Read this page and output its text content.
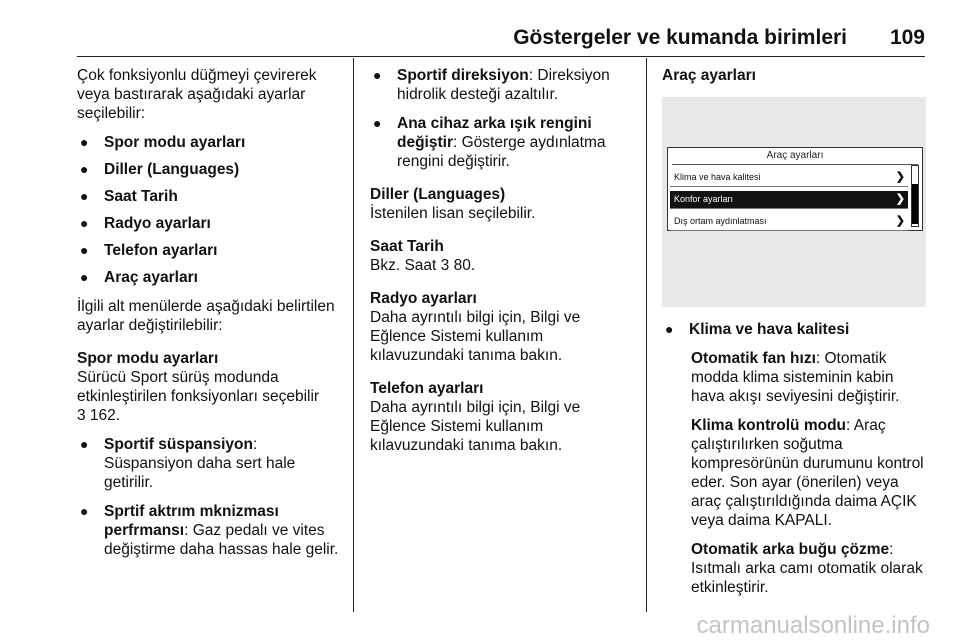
Göstergeler ve kumanda birimleri 109

Çok fonksiyonlu düğmeyi çevirerek veya bastırarak aşağıdaki ayarlar seçilebilir:

● Spor modu ayarları

● Diller (Languages)

● Saat Tarih

● Radyo ayarları

● Telefon ayarları

● Araç ayarları

İlgili alt menülerde aşağıdaki belirtilen ayarlar değiştirilebilir:

Spor modu ayarları

Sürücü Sport sürüş modunda etkinleştirilen fonksiyonları seçebilir

3 162.

● Sportif süspansiyon: Süspansiyon daha sert hale getirilir.

● Sprtif aktrım mknizması perfrmansı: Gaz pedalı ve vites değiştirme daha hassas hale gelir.

● Sportif direksiyon: Direksiyon hidrolik desteği azaltılır.

● Ana cihaz arka ışık rengini değiştir: Gösterge aydınlatma rengini değiştirir.

Diller (Languages)

İstenilen lisan seçilebilir.

Saat Tarih

Bkz. Saat 3 80.

Radyo ayarları

Daha ayrıntılı bilgi için, Bilgi ve Eğlence Sistemi kullanım kılavuzundaki tanıma bakın.

Telefon ayarları

Daha ayrıntılı bilgi için, Bilgi ve Eğlence Sistemi kullanım kılavuzundaki tanıma bakın.

Araç ayarları

Araç ayarları
Klima ve hava kalitesi	❯
Konfor ayarları	❯
Dış ortam aydınlatması	❯

● Klima ve hava kalitesi

Otomatik fan hızı: Otomatik modda klima sisteminin kabin hava akışı seviyesini değiştirir.

Klima kontrolü modu: Araç çalıştırılırken soğutma kompresörünün durumunu kontrol eder. Son ayar (önerilen) veya araç çalıştırıldığında daima AÇIK veya daima KAPALI.

Otomatik arka buğu çözme: Isıtmalı arka camı otomatik olarak etkinleştirir.

carmanualsonline.info
